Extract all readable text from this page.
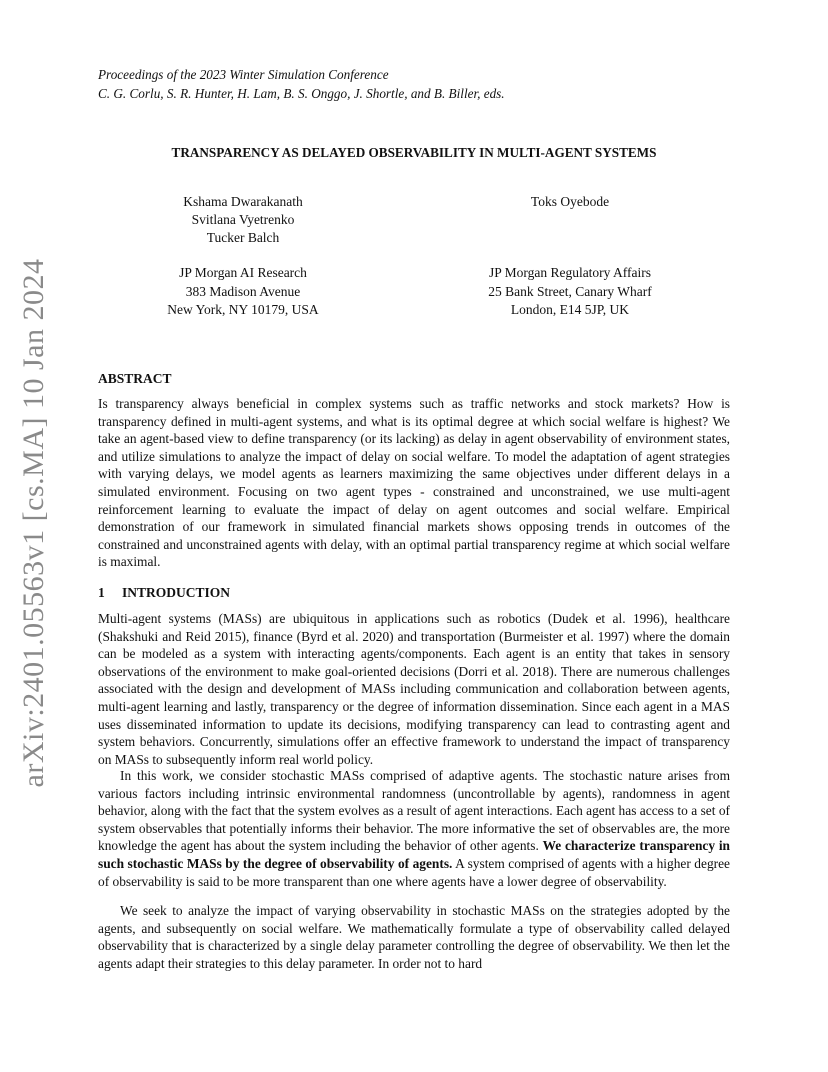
arXiv:2401.05563v1 [cs.MA] 10 Jan 2024
Proceedings of the 2023 Winter Simulation Conference
C. G. Corlu, S. R. Hunter, H. Lam, B. S. Onggo, J. Shortle, and B. Biller, eds.
TRANSPARENCY AS DELAYED OBSERVABILITY IN MULTI-AGENT SYSTEMS
Kshama Dwarakanath
Svitlana Vyetrenko
Tucker Balch
Toks Oyebode
JP Morgan AI Research
383 Madison Avenue
New York, NY 10179, USA
JP Morgan Regulatory Affairs
25 Bank Street, Canary Wharf
London, E14 5JP, UK
ABSTRACT

Is transparency always beneficial in complex systems such as traffic networks and stock markets? How is transparency defined in multi-agent systems, and what is its optimal degree at which social welfare is highest? We take an agent-based view to define transparency (or its lacking) as delay in agent observability of environment states, and utilize simulations to analyze the impact of delay on social welfare. To model the adaptation of agent strategies with varying delays, we model agents as learners maximizing the same objectives under different delays in a simulated environment. Focusing on two agent types - constrained and unconstrained, we use multi-agent reinforcement learning to evaluate the impact of delay on agent outcomes and social welfare. Empirical demonstration of our framework in simulated financial markets shows opposing trends in outcomes of the constrained and unconstrained agents with delay, with an optimal partial transparency regime at which social welfare is maximal.

1 INTRODUCTION

Multi-agent systems (MASs) are ubiquitous in applications such as robotics (Dudek et al. 1996), healthcare (Shakshuki and Reid 2015), finance (Byrd et al. 2020) and transportation (Burmeister et al. 1997) where the domain can be modeled as a system with interacting agents/components. Each agent is an entity that takes in sensory observations of the environment to make goal-oriented decisions (Dorri et al. 2018). There are numerous challenges associated with the design and development of MASs including communication and collaboration between agents, multi-agent learning and lastly, transparency or the degree of information dissemination. Since each agent in a MAS uses disseminated information to update its decisions, modifying transparency can lead to contrasting agent and system behaviors. Concurrently, simulations offer an effective framework to understand the impact of transparency on MASs to subsequently inform real world policy.

In this work, we consider stochastic MASs comprised of adaptive agents. The stochastic nature arises from various factors including intrinsic environmental randomness (uncontrollable by agents), randomness in agent behavior, along with the fact that the system evolves as a result of agent interactions. Each agent has access to a set of system observables that potentially informs their behavior. The more informative the set of observables are, the more knowledge the agent has about the system including the behavior of other agents. We characterize transparency in such stochastic MASs by the degree of observability of agents. A system comprised of agents with a higher degree of observability is said to be more transparent than one where agents have a lower degree of observability.

We seek to analyze the impact of varying observability in stochastic MASs on the strategies adopted by the agents, and subsequently on social welfare. We mathematically formulate a type of observability called delayed observability that is characterized by a single delay parameter controlling the degree of observability. We then let the agents adapt their strategies to this delay parameter. In order not to hard
